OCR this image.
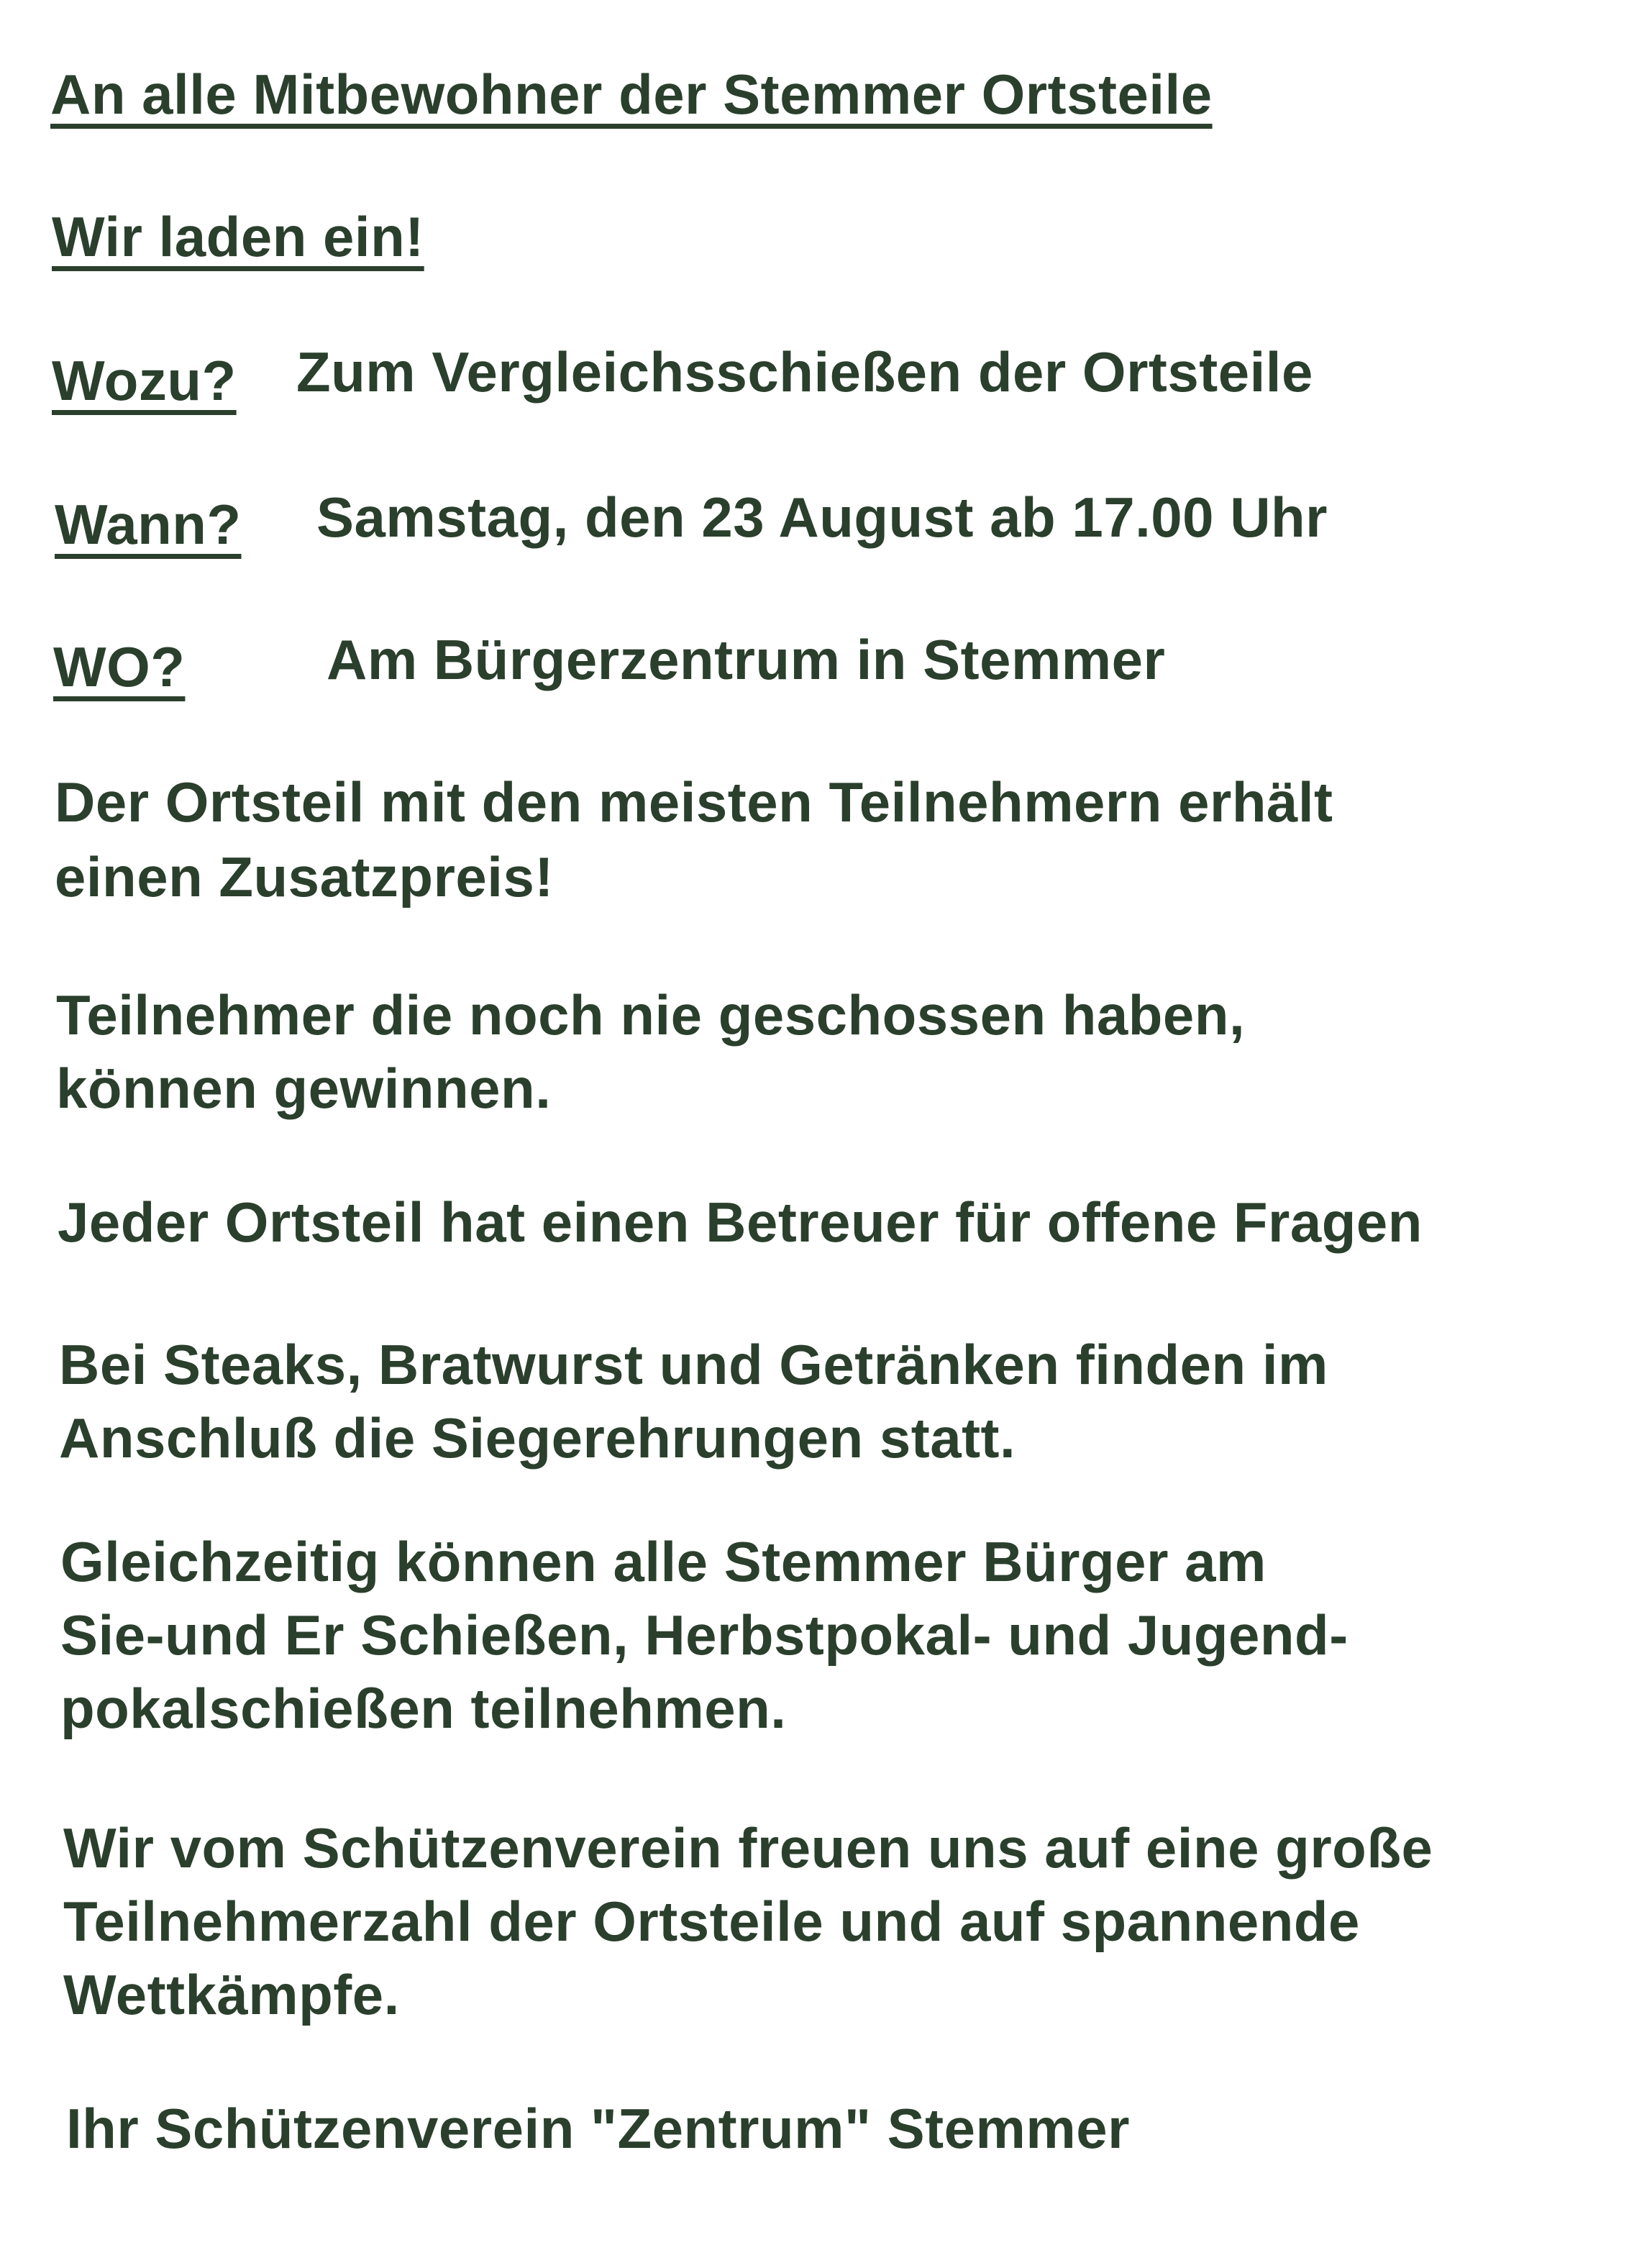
An alle Mitbewohner der Stemmer Ortsteile
Wir laden ein!
Wozu? Zum Vergleichsschießen der Ortsteile
Wann? Samstag, den 23 August ab 17.00 Uhr
WO?	Am Bürgerzentrum in Stemmer
Der Ortsteil mit den meisten Teilnehmern erhält
einen Zusatzpreis!
Teilnehmer die noch nie geschossen haben,
können gewinnen.
Jeder Ortsteil hat einen Betreuer für offene Fragen
Bei Steaks, Bratwurst und Getränken finden im
Anschluß die Siegerehrungen statt.
Gleichzeitig können alle Stemmer Bürger am
Sie-und Er Schießen, Herbstpokal- und Jugend-
pokalschießen teilnehmen.
Wir vom Schützenverein freuen uns auf eine große
Teilnehmerzahl der Ortsteile und auf spannende
Wettkämpfe.
Ihr Schützenverein "Zentrum" Stemmer
